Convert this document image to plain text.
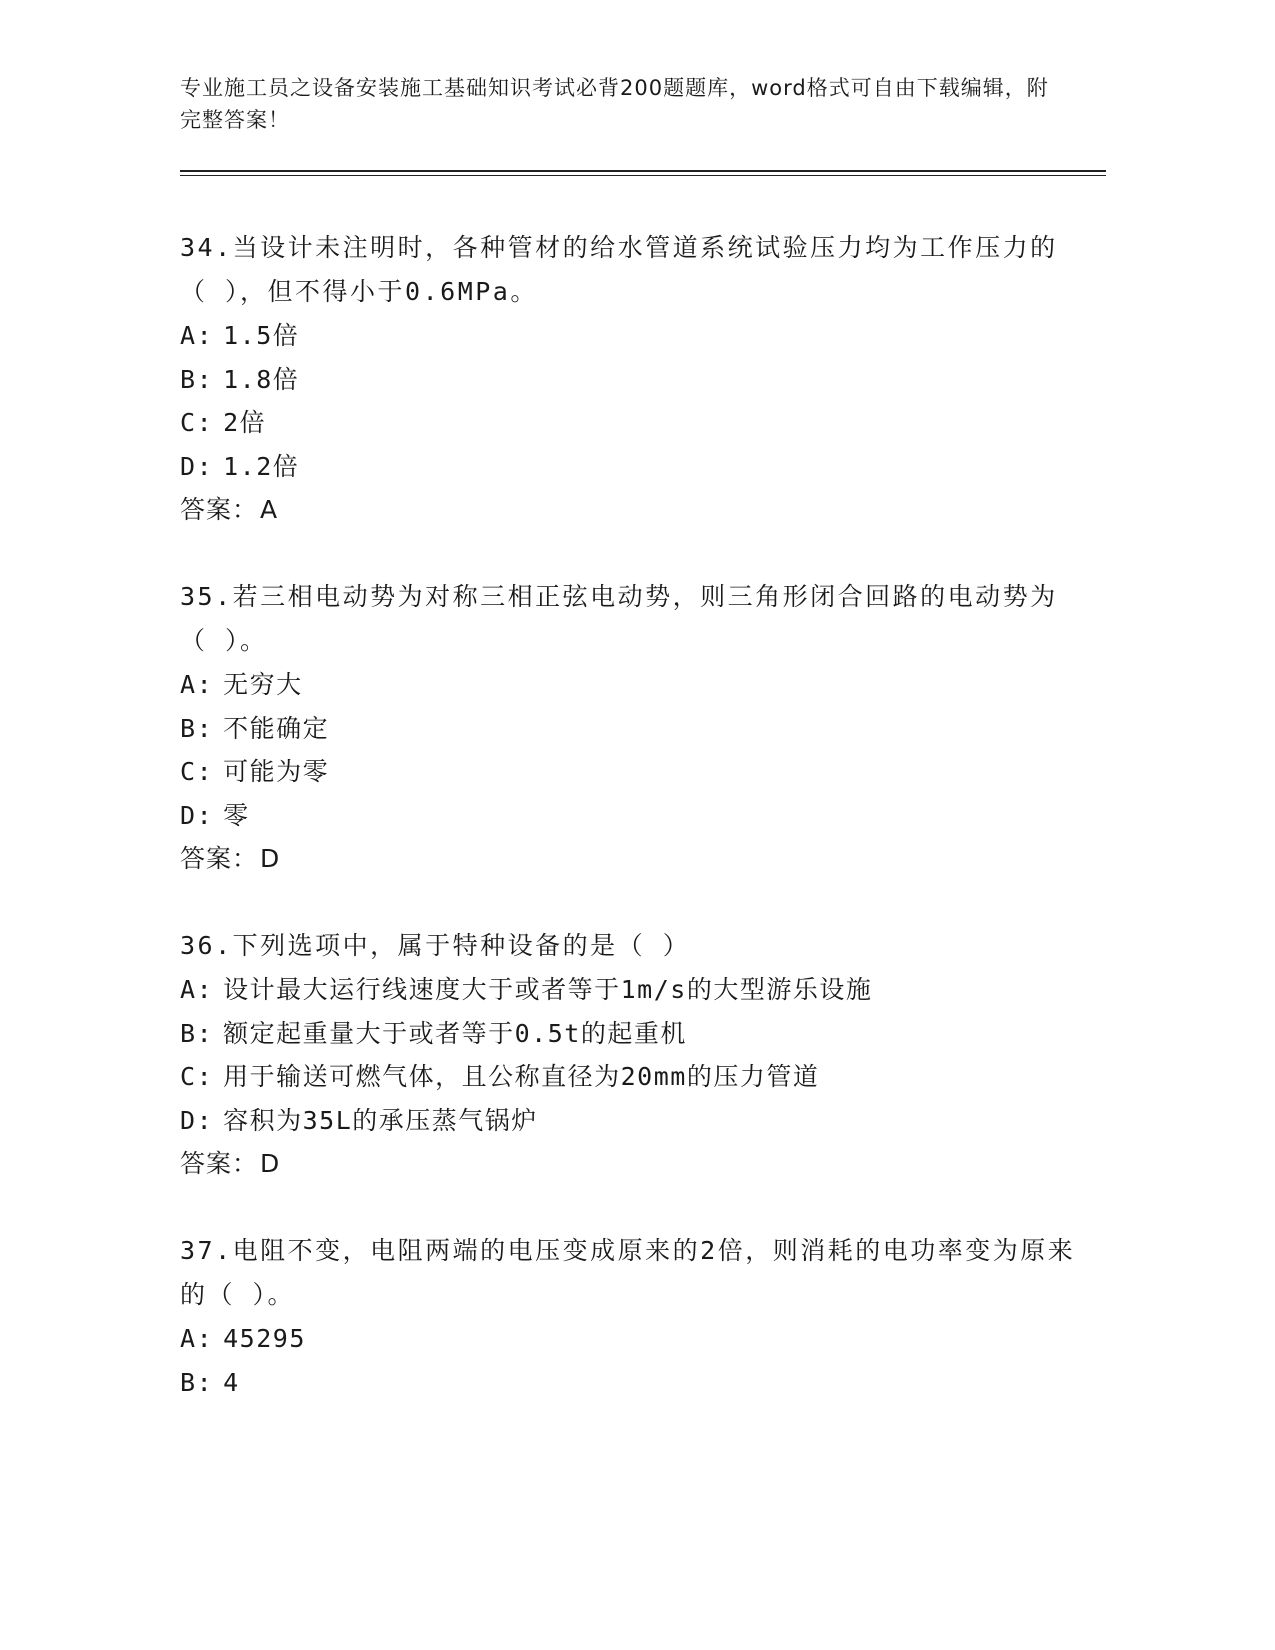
专业施工员之设备安装施工基础知识考试必背200题题库，word格式可自由下载编辑，附完整答案！

34.当设计未注明时，各种管材的给水管道系统试验压力均为工作压力的（ ），但不得小于0.6MPa。

A: 1.5倍
B: 1.8倍
C: 2倍
D: 1.2倍
答案：A

35.若三相电动势为对称三相正弦电动势，则三角形闭合回路的电动势为（ ）。

A: 无穷大
B: 不能确定
C: 可能为零
D: 零
答案：D

36.下列选项中，属于特种设备的是（ ）

A: 设计最大运行线速度大于或者等于1m/s的大型游乐设施
B: 额定起重量大于或者等于0.5t的起重机
C: 用于输送可燃气体，且公称直径为20mm的压力管道
D: 容积为35L的承压蒸气锅炉
答案：D

37.电阻不变，电阻两端的电压变成原来的2倍，则消耗的电功率变为原来的（ ）。

A: 45295
B: 4
